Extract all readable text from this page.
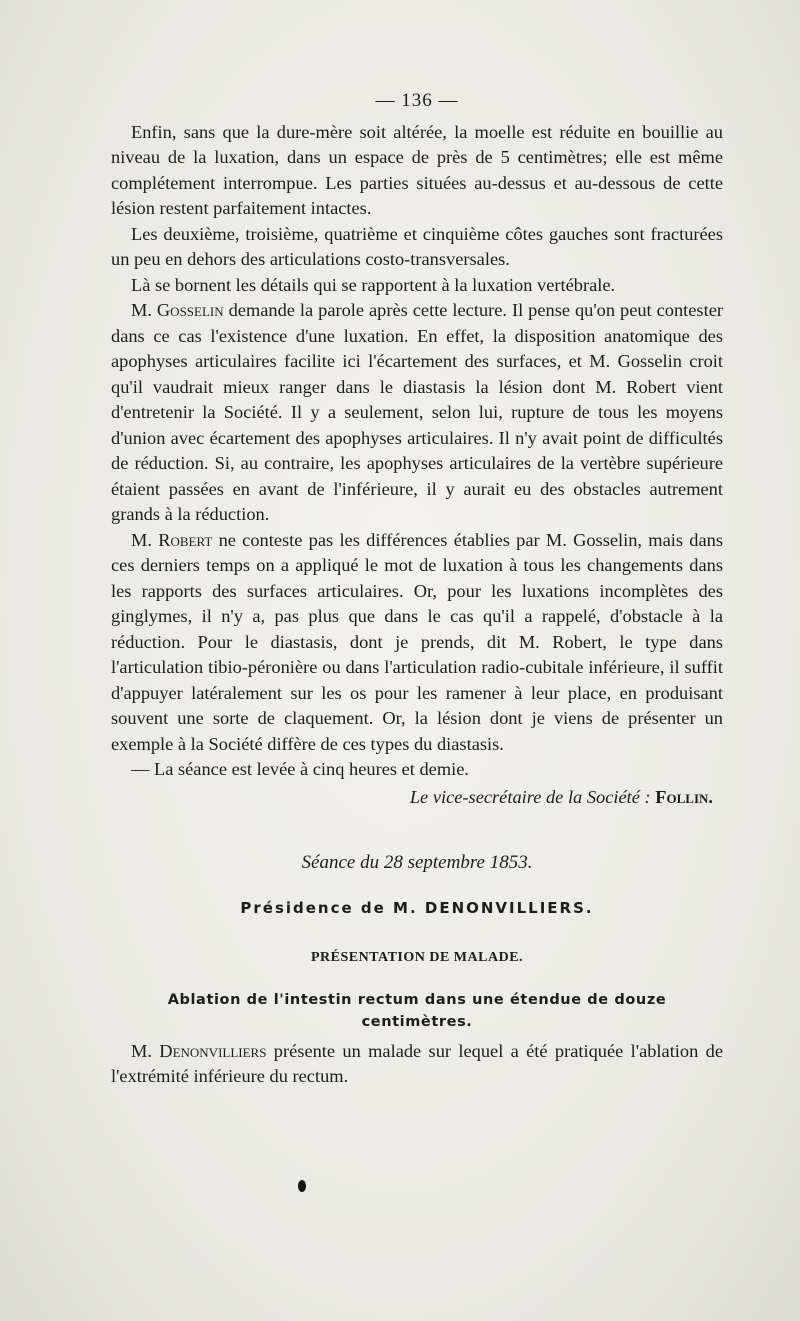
— 136 —

Enfin, sans que la dure-mère soit altérée, la moelle est réduite en bouillie au niveau de la luxation, dans un espace de près de 5 centimètres; elle est même complétement interrompue. Les parties situées au-dessus et au-dessous de cette lésion restent parfaitement intactes.

Les deuxième, troisième, quatrième et cinquième côtes gauches sont fracturées un peu en dehors des articulations costo-transversales.

Là se bornent les détails qui se rapportent à la luxation vertébrale.

M. Gosselin demande la parole après cette lecture. Il pense qu'on peut contester dans ce cas l'existence d'une luxation. En effet, la disposition anatomique des apophyses articulaires facilite ici l'écartement des surfaces, et M. Gosselin croit qu'il vaudrait mieux ranger dans le diastasis la lésion dont M. Robert vient d'entretenir la Société. Il y a seulement, selon lui, rupture de tous les moyens d'union avec écartement des apophyses articulaires. Il n'y avait point de difficultés de réduction. Si, au contraire, les apophyses articulaires de la vertèbre supérieure étaient passées en avant de l'inférieure, il y aurait eu des obstacles autrement grands à la réduction.

M. Robert ne conteste pas les différences établies par M. Gosselin, mais dans ces derniers temps on a appliqué le mot de luxation à tous les changements dans les rapports des surfaces articulaires. Or, pour les luxations incomplètes des ginglymes, il n'y a, pas plus que dans le cas qu'il a rappelé, d'obstacle à la réduction. Pour le diastasis, dont je prends, dit M. Robert, le type dans l'articulation tibio-péronière ou dans l'articulation radio-cubitale inférieure, il suffit d'appuyer latéralement sur les os pour les ramener à leur place, en produisant souvent une sorte de claquement. Or, la lésion dont je viens de présenter un exemple à la Société diffère de ces types du diastasis.

— La séance est levée à cinq heures et demie.

Le vice-secrétaire de la Société : Follin.
Séance du 28 septembre 1853.
Présidence de M. DENONVILLIERS.
PRÉSENTATION DE MALADE.
Ablation de l'intestin rectum dans une étendue de douze centimètres.

M. Denonvilliers présente un malade sur lequel a été pratiquée l'ablation de l'extrémité inférieure du rectum.
